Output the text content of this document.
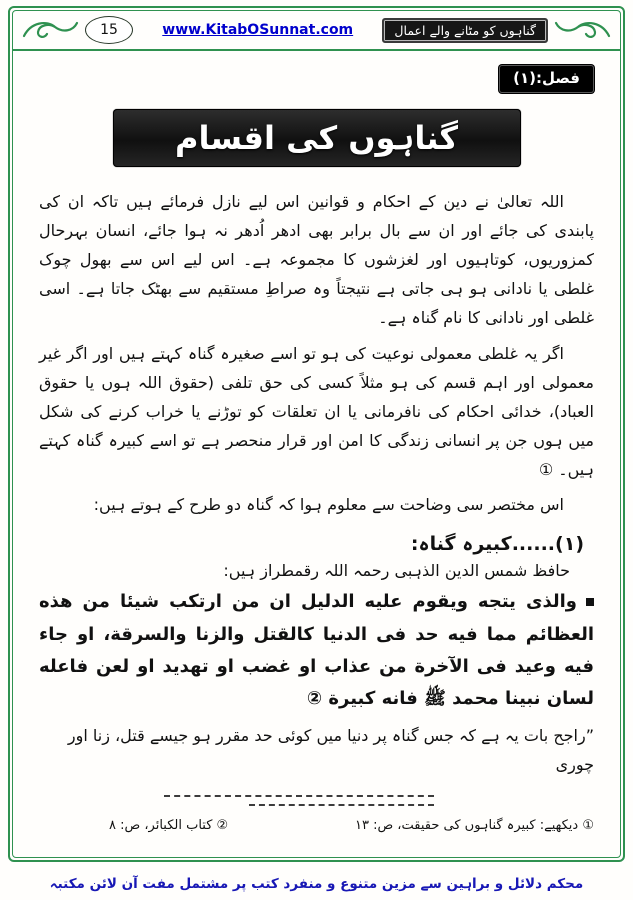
15	www.KitabOSunnat.com	گناہوں کو مٹانے والے اعمال
فصل:(۱)
گناہوں کی اقسام

اللہ تعالیٰ نے دین کے احکام و قوانین اس لیے نازل فرمائے ہیں تاکہ ان کی پابندی کی جائے اور ان سے بال برابر بھی ادھر اُدھر نہ ہوا جائے، انسان بہرحال کمزوریوں، کوتاہیوں اور لغزشوں کا مجموعہ ہے۔ اس لیے اس سے بھول چوک غلطی یا نادانی ہو ہی جاتی ہے نتیجتاً وہ صراطِ مستقیم سے بھٹک جاتا ہے۔ اسی غلطی اور نادانی کا نام گناہ ہے۔

اگر یہ غلطی معمولی نوعیت کی ہو تو اسے صغیرہ گناہ کہتے ہیں اور اگر غیر معمولی اور اہم قسم کی ہو مثلاً کسی کی حق تلفی (حقوق اللہ ہوں یا حقوق العباد)، خدائی احکام کی نافرمانی یا ان تعلقات کو توڑنے یا خراب کرنے کی شکل میں ہوں جن پر انسانی زندگی کا امن اور قرار منحصر ہے تو اسے کبیرہ گناہ کہتے ہیں۔ ①

اس مختصر سی وضاحت سے معلوم ہوا کہ گناہ دو طرح کے ہوتے ہیں:

(۱)......کبیرہ گناہ:

حافظ شمس الدین الذہبی رحمہ اللہ رقمطراز ہیں:

والذی یتجه ویقوم علیه الدلیل ان من ارتکب شیئا من هذه العظائم مما فیه حد فی الدنیا کالقتل والزنا والسرقة، او جاء فیه وعید فی الآخرة من عذاب او غضب او تهدید او لعن فاعله لسان نبینا محمد ﷺ فانه کبیرة ②

”راجح بات یہ ہے کہ جس گناہ پر دنیا میں کوئی حد مقرر ہو جیسے قتل، زنا اور چوری

① دیکھیے: کبیرہ گناہوں کی حقیقت، ص: ۱۳
② کتاب الکبائر، ص: ۸
محکم دلائل و براہین سے مزین متنوع و منفرد کتب پر مشتمل مفت آن لائن مکتبہ
